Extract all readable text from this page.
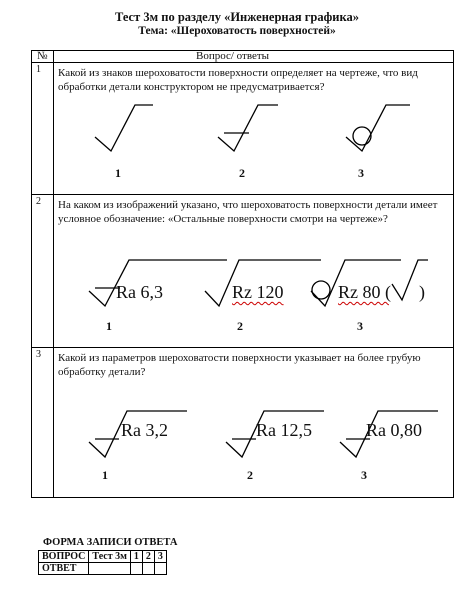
Тест 3м по разделу «Инженерная графика»
Тема: «Шероховатость поверхностей»
№	Вопрос/ ответы
1 Какой из знаков шероховатости поверхности определяет на чертеже, что вид обработки детали конструктором не предусматривается?
1	2	3
2 На каком из изображений указано, что шероховатость поверхности детали имеет условное обозначение: «Остальные поверхности смотри на чертеже»?
Ra 6,3	Rz 120	Rz 80 ( )
1	2	3
3 Какой из параметров шероховатости поверхности указывает на более грубую обработку детали?
Ra 3,2	Ra 12,5	Ra 0,80
1	2	3
ФОРМА ЗАПИСИ ОТВЕТА
ВОПРОС	Тест 3м	1	2	3
ОТВЕТ				
